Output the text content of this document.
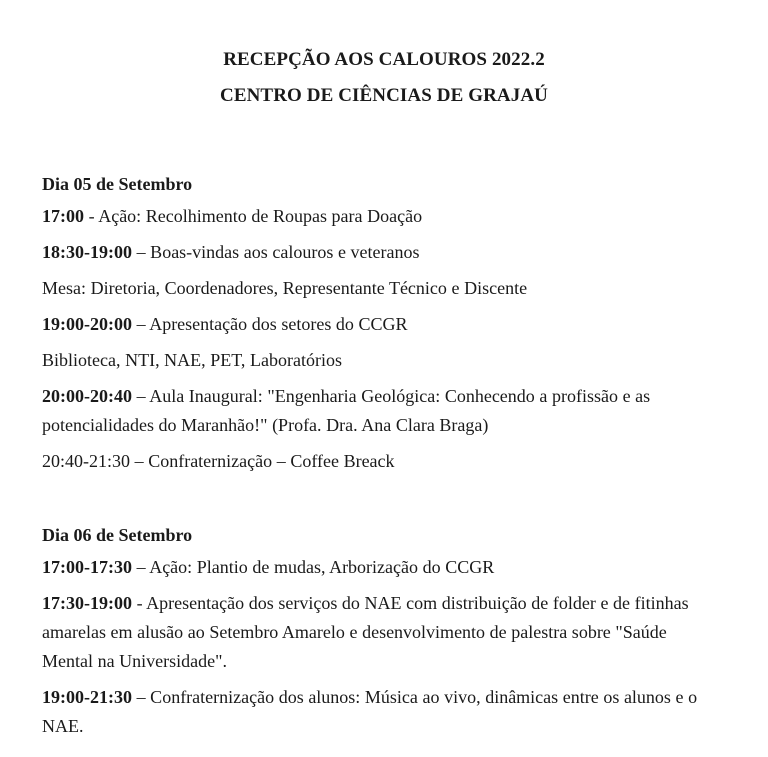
RECEPÇÃO AOS CALOUROS 2022.2
CENTRO DE CIÊNCIAS DE GRAJAÚ
Dia 05 de Setembro

17:00 - Ação: Recolhimento de Roupas para Doação

18:30-19:00 – Boas-vindas aos calouros e veteranos

Mesa: Diretoria, Coordenadores, Representante Técnico e Discente

19:00-20:00 – Apresentação dos setores do CCGR

Biblioteca, NTI, NAE, PET, Laboratórios

20:00-20:40 – Aula Inaugural: "Engenharia Geológica: Conhecendo a profissão e as potencialidades do Maranhão!" (Profa. Dra. Ana Clara Braga)

20:40-21:30 – Confraternização – Coffee Breack

Dia 06 de Setembro

17:00-17:30 – Ação: Plantio de mudas, Arborização do CCGR

17:30-19:00 - Apresentação dos serviços do NAE com distribuição de folder e de fitinhas amarelas em alusão ao Setembro Amarelo e desenvolvimento de palestra sobre "Saúde Mental na Universidade".

19:00-21:30 – Confraternização dos alunos: Música ao vivo, dinâmicas entre os alunos e o NAE.
